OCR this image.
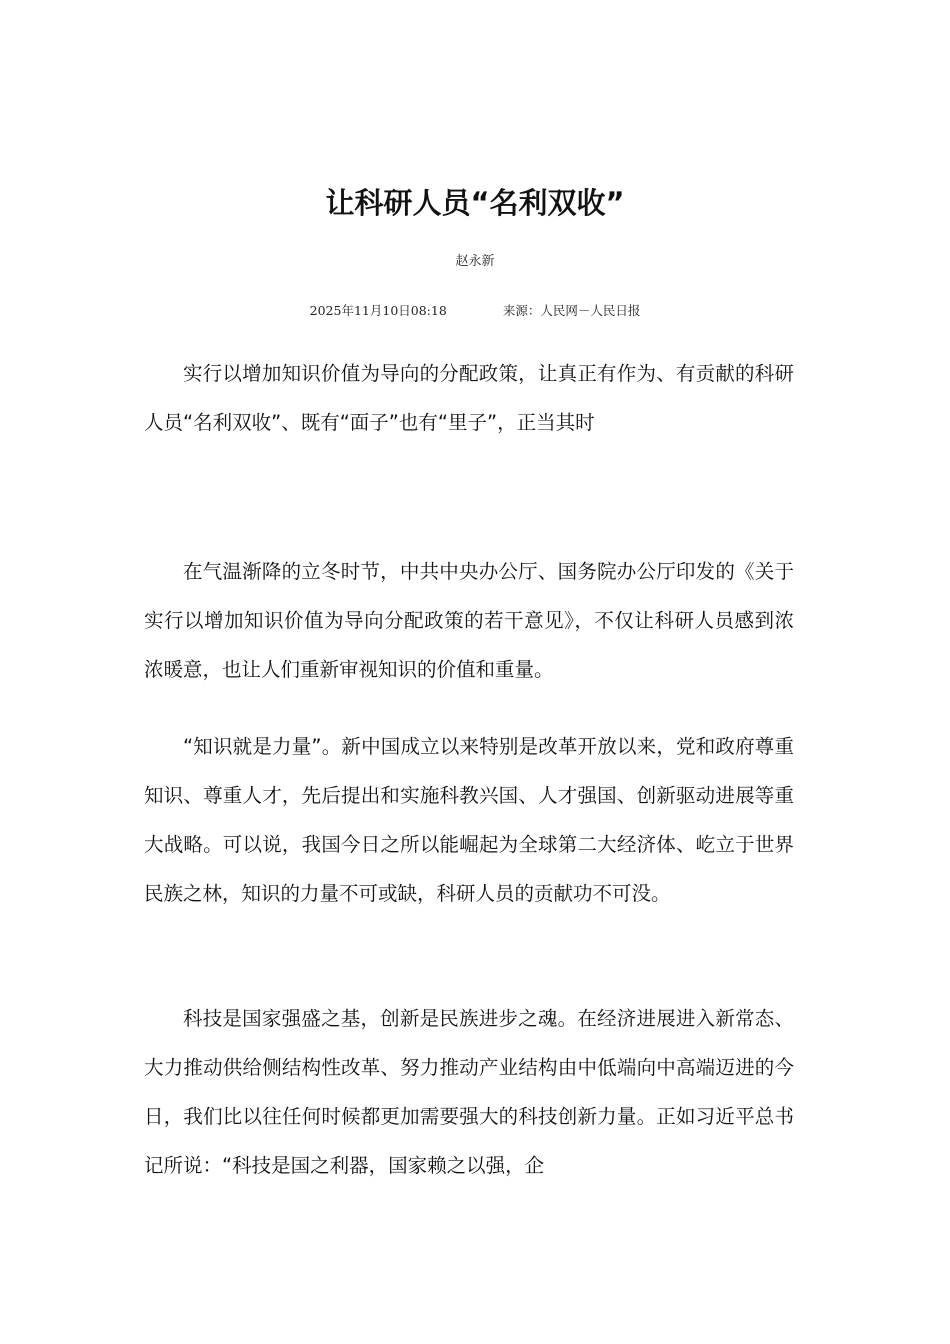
让科研人员“名利双收”
赵永新
2025年11月10日08:18	来源：人民网－人民日报

实行以增加知识价值为导向的分配政策，让真正有作为、有贡献的科研人员“名利双收”、既有“面子”也有“里子”，正当其时

在气温渐降的立冬时节，中共中央办公厅、国务院办公厅印发的《关于实行以增加知识价值为导向分配政策的若干意见》，不仅让科研人员感到浓浓暖意，也让人们重新审视知识的价值和重量。

“知识就是力量”。新中国成立以来特别是改革开放以来，党和政府尊重知识、尊重人才，先后提出和实施科教兴国、人才强国、创新驱动进展等重大战略。可以说，我国今日之所以能崛起为全球第二大经济体、屹立于世界民族之林，知识的力量不可或缺，科研人员的贡献功不可没。

科技是国家强盛之基，创新是民族进步之魂。在经济进展进入新常态、大力推动供给侧结构性改革、努力推动产业结构由中低端向中高端迈进的今日，我们比以往任何时候都更加需要强大的科技创新力量。正如习近平总书记所说：“科技是国之利器，国家赖之以强，企
